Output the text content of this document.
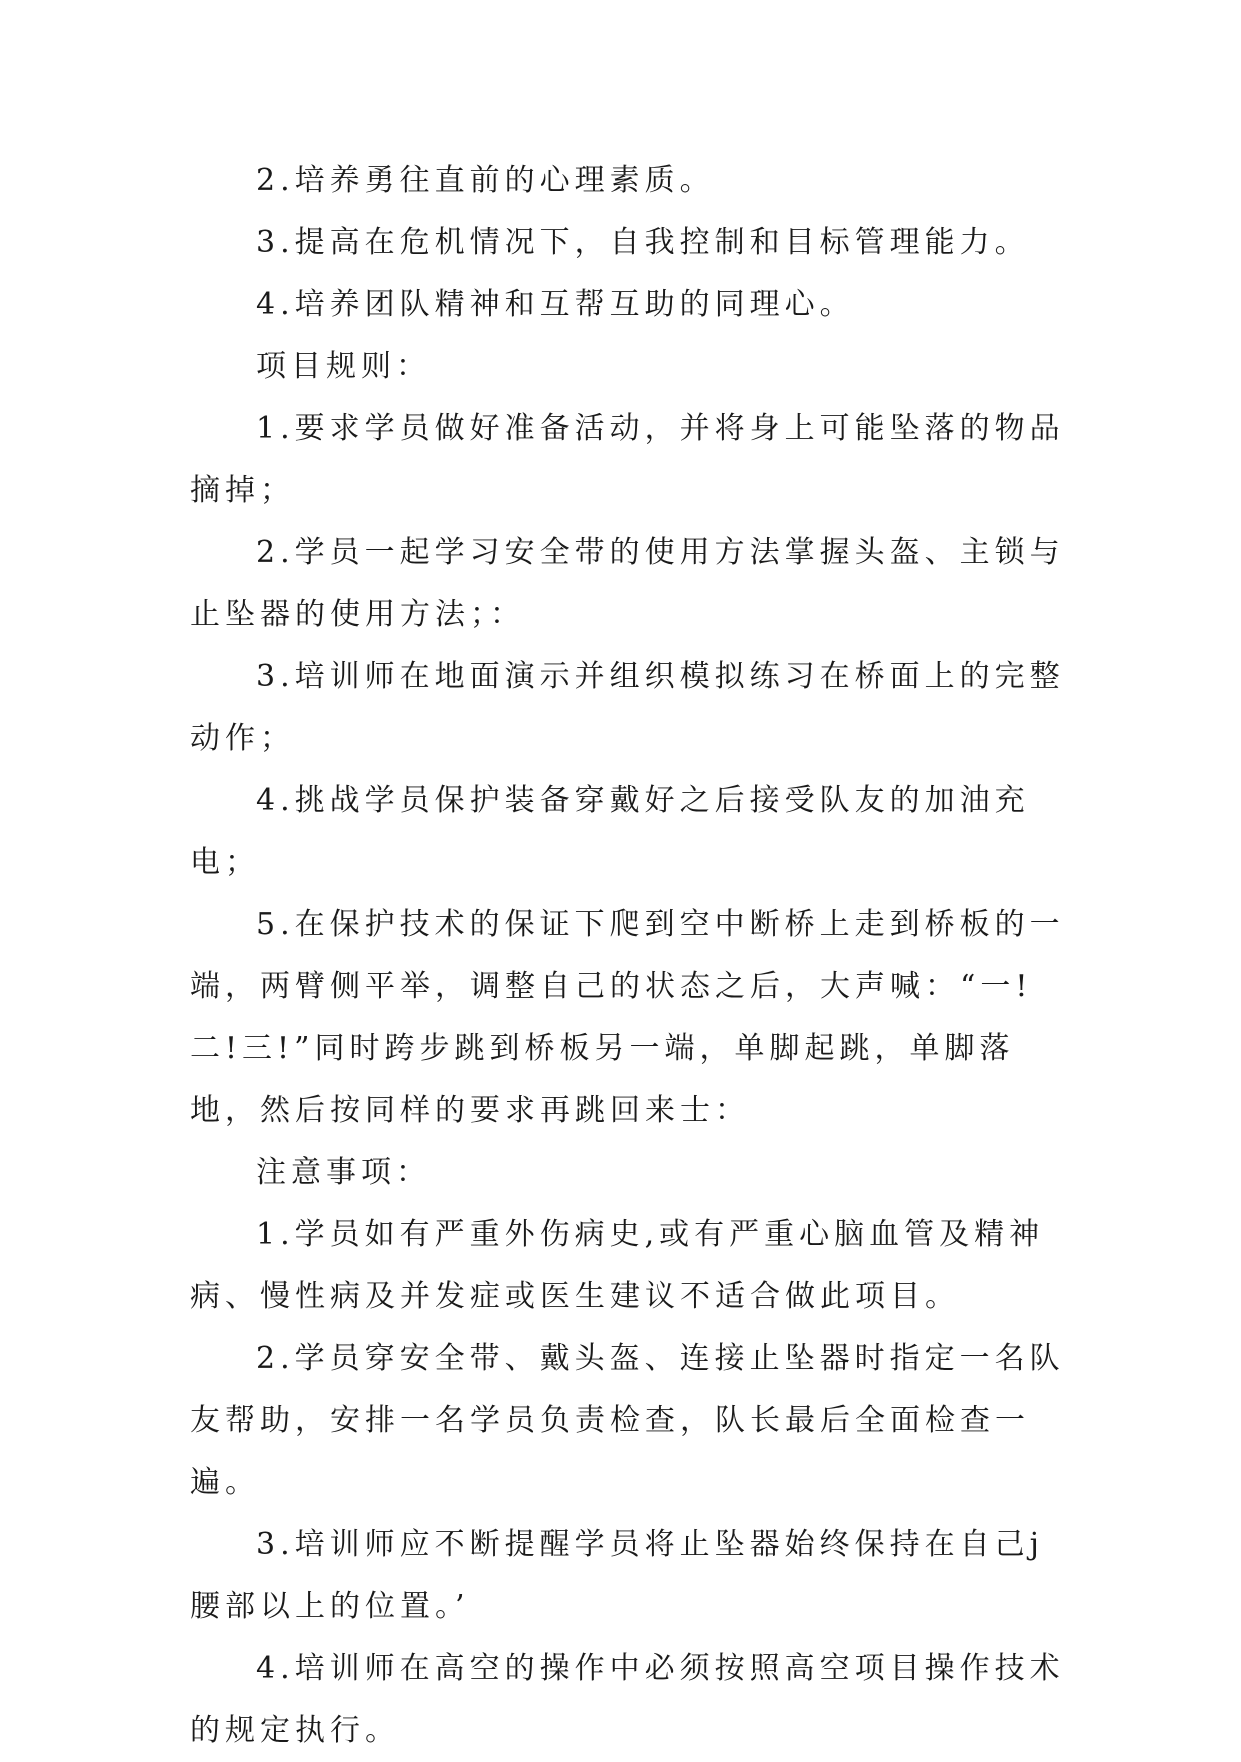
2.培养勇往直前的心理素质。

3.提高在危机情况下，自我控制和目标管理能力。

4.培养团队精神和互帮互助的同理心。

项目规则：

1.要求学员做好准备活动，并将身上可能坠落的物品摘掉；

2.学员一起学习安全带的使用方法掌握头盔、主锁与止坠器的使用方法；：

3.培训师在地面演示并组织模拟练习在桥面上的完整动作；

4.挑战学员保护装备穿戴好之后接受队友的加油充电；

5.在保护技术的保证下爬到空中断桥上走到桥板的一端，两臂侧平举，调整自己的状态之后，大声喊：“一!二!三!”同时跨步跳到桥板另一端，单脚起跳，单脚落地，然后按同样的要求再跳回来士：

注意事项：

1.学员如有严重外伤病史,或有严重心脑血管及精神病、慢性病及并发症或医生建议不适合做此项目。

2.学员穿安全带、戴头盔、连接止坠器时指定一名队友帮助，安排一名学员负责检查，队长最后全面检查一遍。

3.培训师应不断提醒学员将止坠器始终保持在自己j腰部以上的位置。’

4.培训师在高空的操作中必须按照高空项目操作技术的规定执行。
